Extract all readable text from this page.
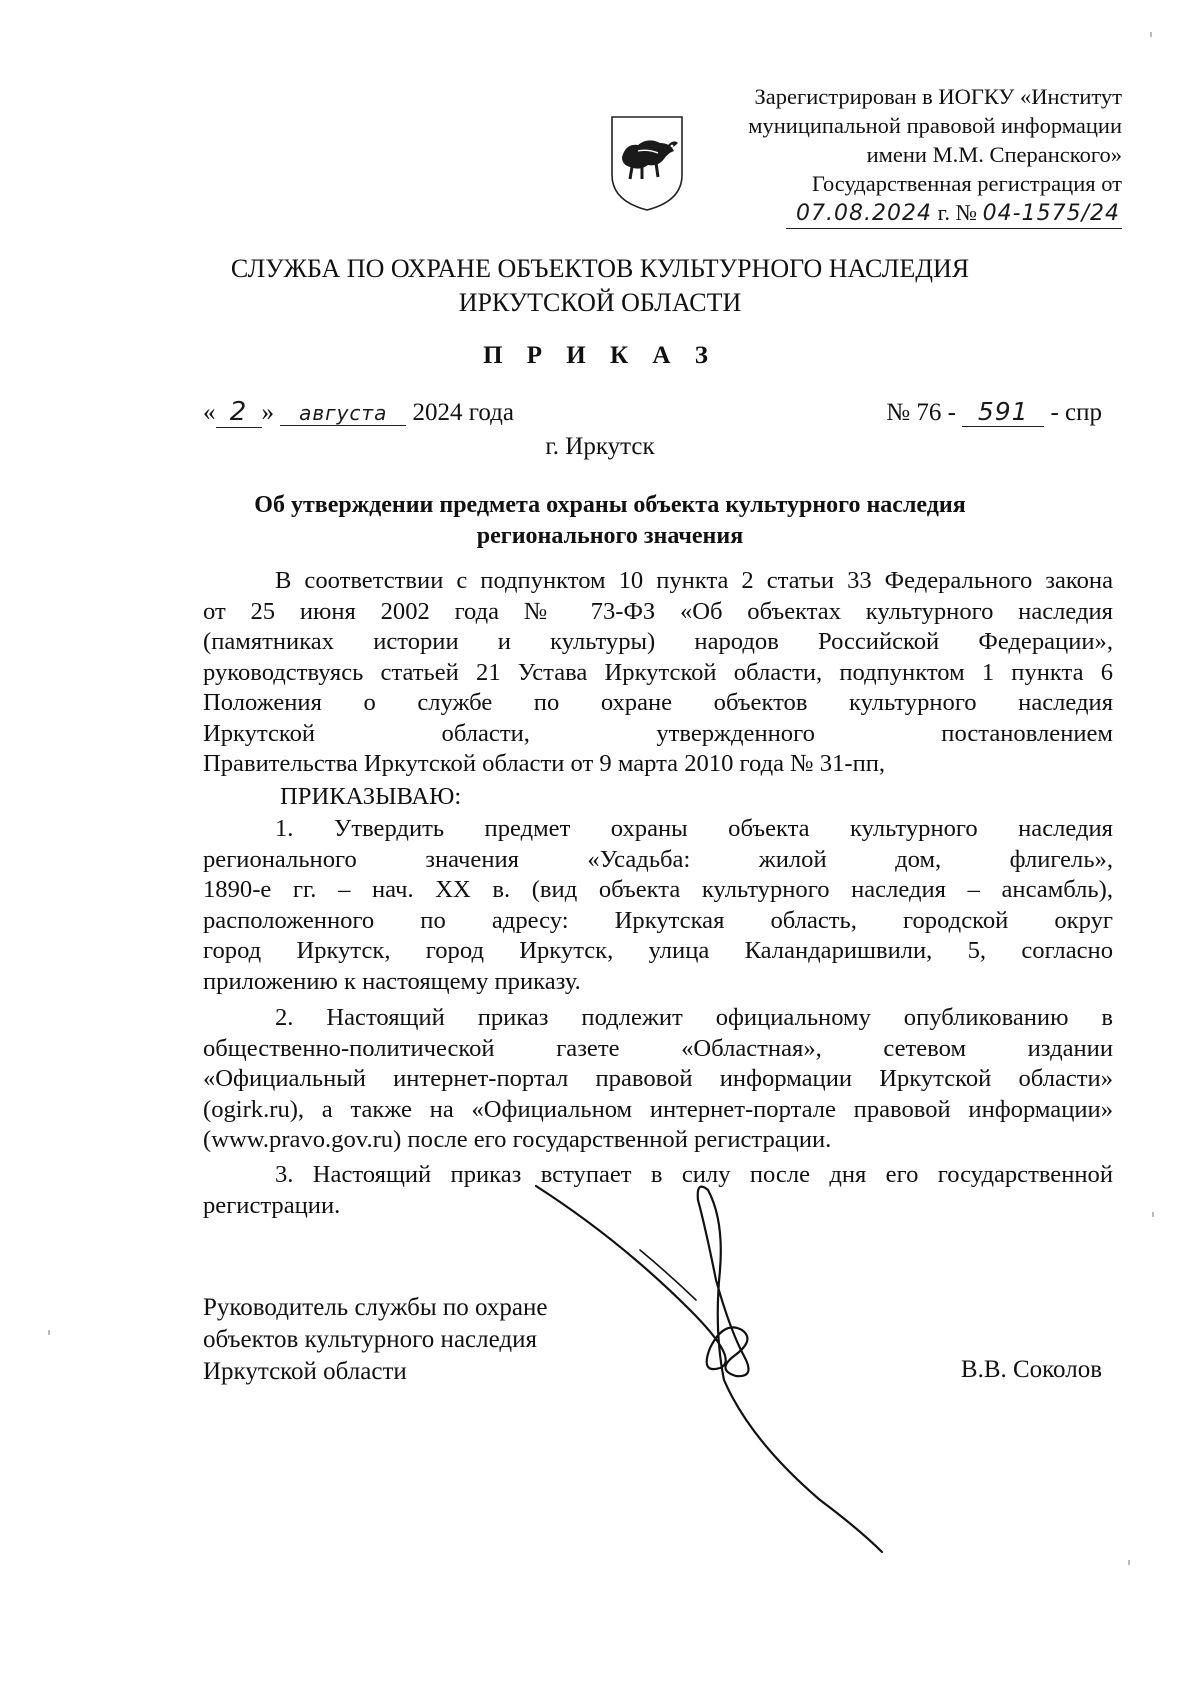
Зарегистрирован в ИОГКУ «Институт
муниципальной правовой информации
имени М.М. Сперанского»
Государственная регистрация от
07.08.2024 г. № 04-1575/24
СЛУЖБА ПО ОХРАНЕ ОБЪЕКТОВ КУЛЬТУРНОГО НАСЛЕДИЯ
ИРКУТСКОЙ ОБЛАСТИ
П Р И К А З
« 2 » августа 2024 года	№ 76 - 591 - спр
г. Иркутск
Об утверждении предмета охраны объекта культурного наследия
регионального значения
В соответствии с подпунктом 10 пункта 2 статьи 33 Федерального закона
от 25 июня 2002 года № 73-ФЗ «Об объектах культурного наследия
(памятниках истории и культуры) народов Российской Федерации»,
руководствуясь статьей 21 Устава Иркутской области, подпунктом 1 пункта 6
Положения о службе по охране объектов культурного наследия
Иркутской области, утвержденного постановлением
Правительства Иркутской области от 9 марта 2010 года № 31-пп,
ПРИКАЗЫВАЮ:
1. Утвердить предмет охраны объекта культурного наследия
регионального значения «Усадьба: жилой дом, флигель»,
1890-е гг. – нач. XX в. (вид объекта культурного наследия – ансамбль),
расположенного по адресу: Иркутская область, городской округ
город Иркутск, город Иркутск, улица Каландаришвили, 5, согласно
приложению к настоящему приказу.
2. Настоящий приказ подлежит официальному опубликованию в
общественно-политической газете «Областная», сетевом издании
«Официальный интернет-портал правовой информации Иркутской области»
(ogirk.ru), а также на «Официальном интернет-портале правовой информации»
(www.pravo.gov.ru) после его государственной регистрации.
3. Настоящий приказ вступает в силу после дня его государственной
регистрации.
Руководитель службы по охране
объектов культурного наследия
Иркутской области	В.В. Соколов
